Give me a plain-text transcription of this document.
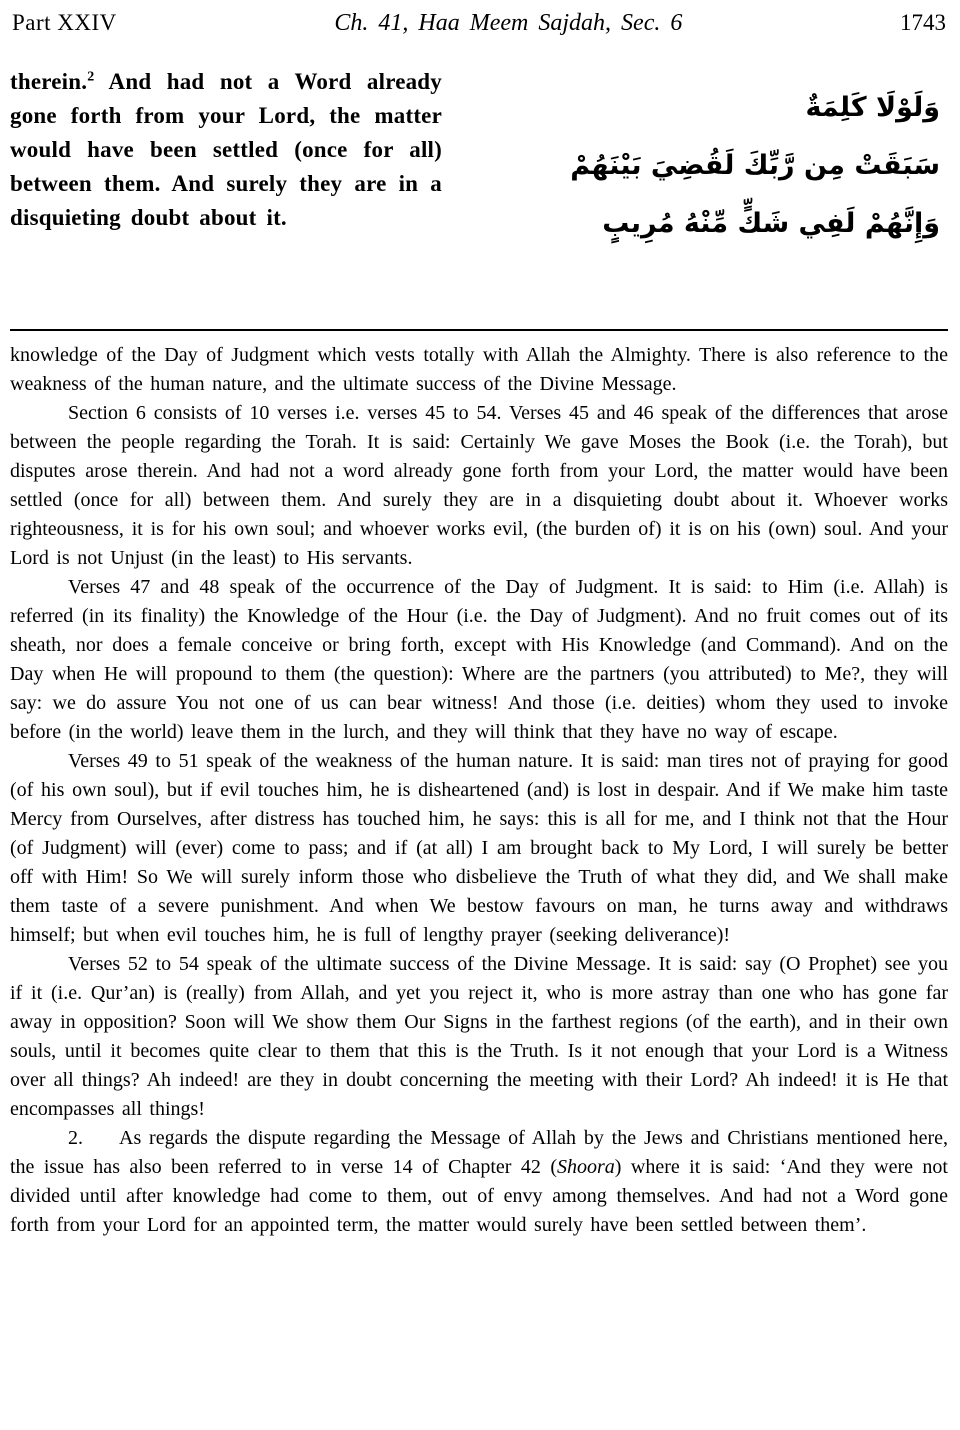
Part XXIV	Ch. 41, Haa Meem Sajdah, Sec. 6	1743
therein.$^2$ And had not a Word already gone forth from your Lord, the matter would have been settled (once for all) between them. And surely they are in a disquieting doubt about it.
وَلَوْلَا كَلِمَةٌ
سَبَقَتْ مِن رَّبِّكَ لَقُضِيَ بَيْنَهُمْ
وَإِنَّهُمْ لَفِي شَكٍّ مِّنْهُ مُرِيبٍ

knowledge of the Day of Judgment which vests totally with Allah the Almighty. There is also reference to the weakness of the human nature, and the ultimate success of the Divine Message.

Section 6 consists of 10 verses i.e. verses 45 to 54. Verses 45 and 46 speak of the differences that arose between the people regarding the Torah. It is said: Certainly We gave Moses the Book (i.e. the Torah), but disputes arose therein. And had not a word already gone forth from your Lord, the matter would have been settled (once for all) between them. And surely they are in a disquieting doubt about it. Whoever works righteousness, it is for his own soul; and whoever works evil, (the burden of) it is on his (own) soul. And your Lord is not Unjust (in the least) to His servants.

Verses 47 and 48 speak of the occurrence of the Day of Judgment. It is said: to Him (i.e. Allah) is referred (in its finality) the Knowledge of the Hour (i.e. the Day of Judgment). And no fruit comes out of its sheath, nor does a female conceive or bring forth, except with His Knowledge (and Command). And on the Day when He will propound to them (the question): Where are the partners (you attributed) to Me?, they will say: we do assure You not one of us can bear witness! And those (i.e. deities) whom they used to invoke before (in the world) leave them in the lurch, and they will think that they have no way of escape.

Verses 49 to 51 speak of the weakness of the human nature. It is said: man tires not of praying for good (of his own soul), but if evil touches him, he is disheartened (and) is lost in despair. And if We make him taste Mercy from Ourselves, after distress has touched him, he says: this is all for me, and I think not that the Hour (of Judgment) will (ever) come to pass; and if (at all) I am brought back to My Lord, I will surely be better off with Him! So We will surely inform those who disbelieve the Truth of what they did, and We shall make them taste of a severe punishment. And when We bestow favours on man, he turns away and withdraws himself; but when evil touches him, he is full of lengthy prayer (seeking deliverance)!

Verses 52 to 54 speak of the ultimate success of the Divine Message. It is said: say (O Prophet) see you if it (i.e. Qur’an) is (really) from Allah, and yet you reject it, who is more astray than one who has gone far away in opposition? Soon will We show them Our Signs in the farthest regions (of the earth), and in their own souls, until it becomes quite clear to them that this is the Truth. Is it not enough that your Lord is a Witness over all things? Ah indeed! are they in doubt concerning the meeting with their Lord? Ah indeed! it is He that encompasses all things!

2. As regards the dispute regarding the Message of Allah by the Jews and Christians mentioned here, the issue has also been referred to in verse 14 of Chapter 42 (Shoora) where it is said: ‘And they were not divided until after knowledge had come to them, out of envy among themselves. And had not a Word gone forth from your Lord for an appointed term, the matter would surely have been settled between them’.
